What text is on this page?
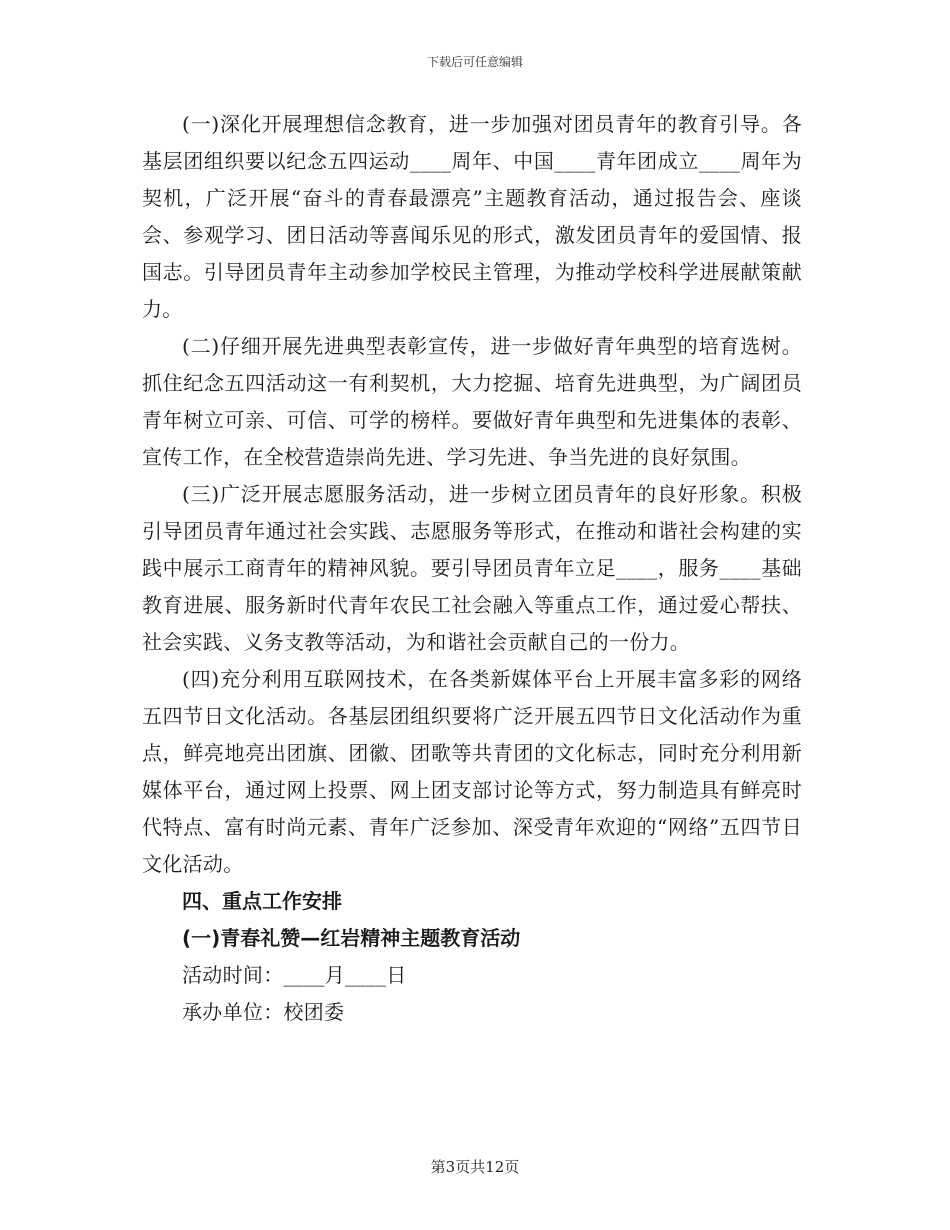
下载后可任意编辑

(一)深化开展理想信念教育，进一步加强对团员青年的教育引导。各基层团组织要以纪念五四运动____周年、中国____青年团成立____周年为契机，广泛开展“奋斗的青春最漂亮”主题教育活动，通过报告会、座谈会、参观学习、团日活动等喜闻乐见的形式，激发团员青年的爱国情、报国志。引导团员青年主动参加学校民主管理，为推动学校科学进展献策献力。

(二)仔细开展先进典型表彰宣传，进一步做好青年典型的培育选树。抓住纪念五四活动这一有利契机，大力挖掘、培育先进典型，为广阔团员青年树立可亲、可信、可学的榜样。要做好青年典型和先进集体的表彰、宣传工作，在全校营造崇尚先进、学习先进、争当先进的良好氛围。

(三)广泛开展志愿服务活动，进一步树立团员青年的良好形象。积极引导团员青年通过社会实践、志愿服务等形式，在推动和谐社会构建的实践中展示工商青年的精神风貌。要引导团员青年立足____，服务____基础教育进展、服务新时代青年农民工社会融入等重点工作，通过爱心帮扶、社会实践、义务支教等活动，为和谐社会贡献自己的一份力。

(四)充分利用互联网技术，在各类新媒体平台上开展丰富多彩的网络五四节日文化活动。各基层团组织要将广泛开展五四节日文化活动作为重点，鲜亮地亮出团旗、团徽、团歌等共青团的文化标志，同时充分利用新媒体平台，通过网上投票、网上团支部讨论等方式，努力制造具有鲜亮时代特点、富有时尚元素、青年广泛参加、深受青年欢迎的“网络”五四节日文化活动。

四、重点工作安排

(一)青春礼赞—红岩精神主题教育活动

活动时间：____月____日

承办单位：校团委

第3页共12页
